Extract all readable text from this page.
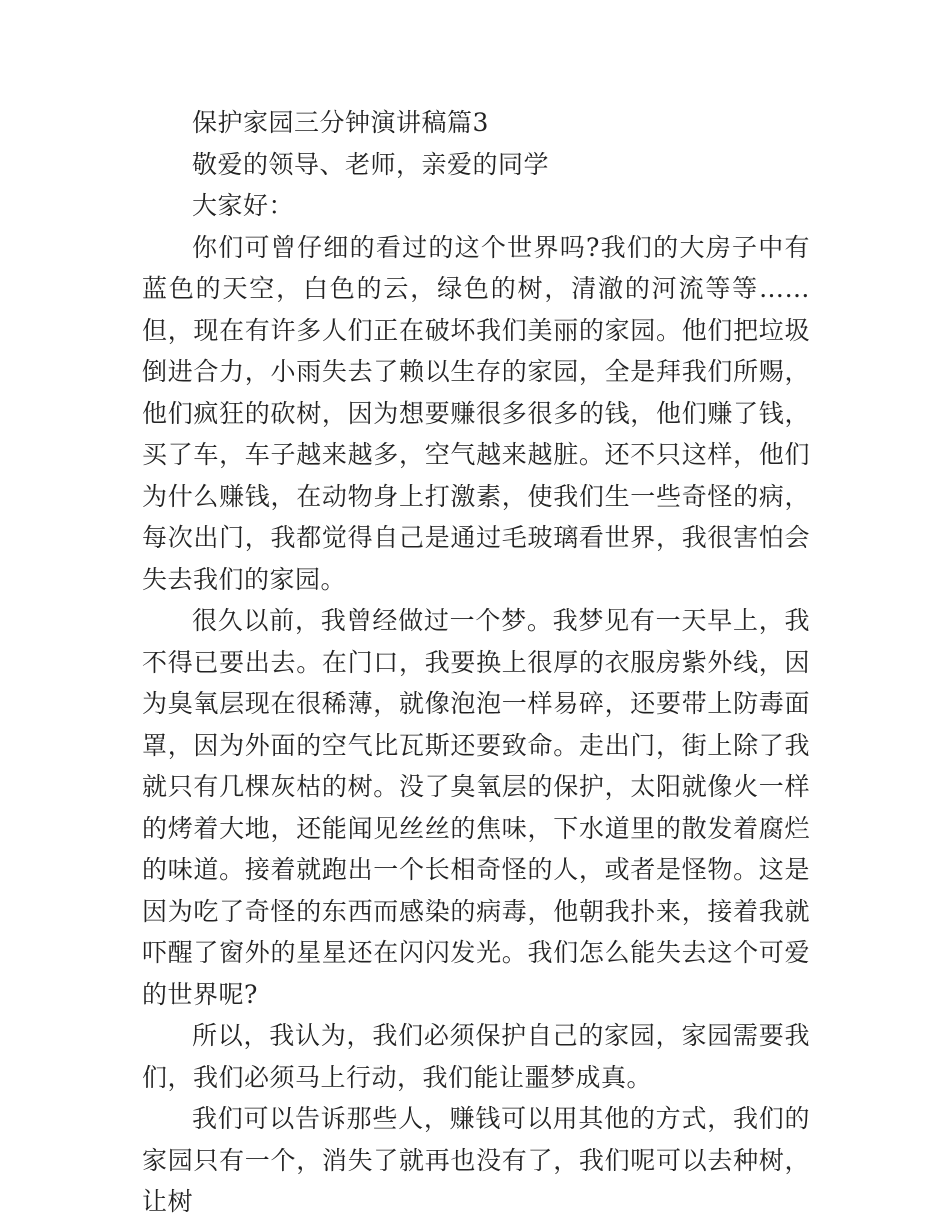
保护家园三分钟演讲稿篇3

敬爱的领导、老师，亲爱的同学

大家好：

你们可曾仔细的看过的这个世界吗?我们的大房子中有蓝色的天空，白色的云，绿色的树，清澈的河流等等……但，现在有许多人们正在破坏我们美丽的家园。他们把垃圾倒进合力，小雨失去了赖以生存的家园，全是拜我们所赐，他们疯狂的砍树，因为想要赚很多很多的钱，他们赚了钱，买了车，车子越来越多，空气越来越脏。还不只这样，他们为什么赚钱，在动物身上打激素，使我们生一些奇怪的病，每次出门，我都觉得自己是通过毛玻璃看世界，我很害怕会失去我们的家园。

很久以前，我曾经做过一个梦。我梦见有一天早上，我不得已要出去。在门口，我要换上很厚的衣服房紫外线，因为臭氧层现在很稀薄，就像泡泡一样易碎，还要带上防毒面罩，因为外面的空气比瓦斯还要致命。走出门，街上除了我就只有几棵灰枯的树。没了臭氧层的保护，太阳就像火一样的烤着大地，还能闻见丝丝的焦味，下水道里的散发着腐烂的味道。接着就跑出一个长相奇怪的人，或者是怪物。这是因为吃了奇怪的东西而感染的病毒，他朝我扑来，接着我就吓醒了窗外的星星还在闪闪发光。我们怎么能失去这个可爱的世界呢?

所以，我认为，我们必须保护自己的家园，家园需要我们，我们必须马上行动，我们能让噩梦成真。

我们可以告诉那些人，赚钱可以用其他的方式，我们的家园只有一个，消失了就再也没有了，我们呢可以去种树，让树
